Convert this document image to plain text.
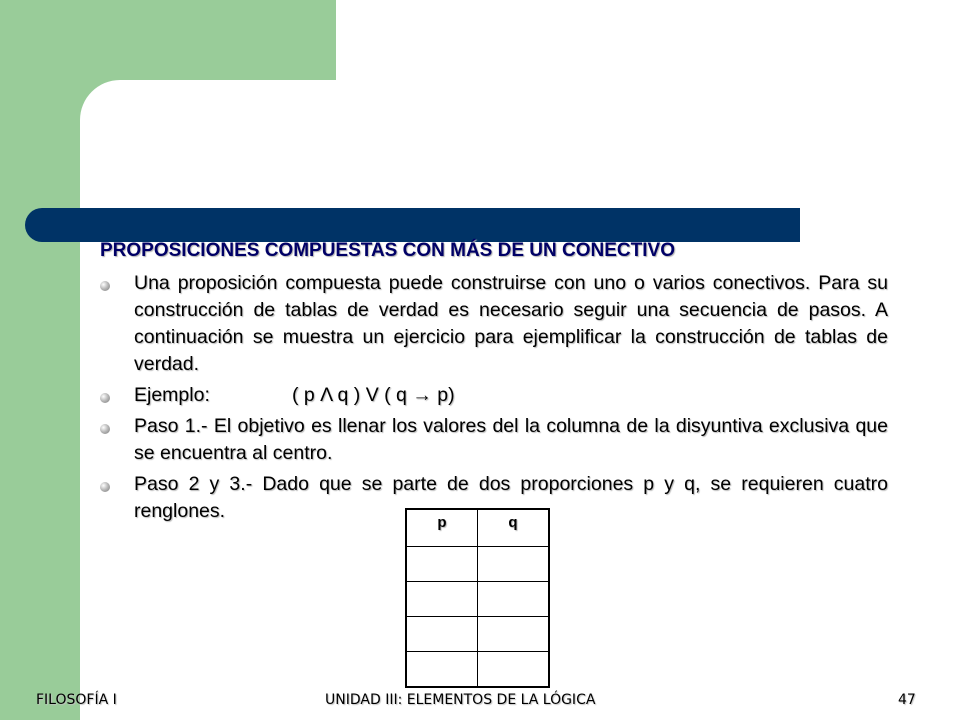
PROPOSICIONES COMPUESTAS CON MÁS DE UN CONECTIVO
Una proposición compuesta puede construirse con uno o varios conectivos. Para su construcción de tablas de verdad es necesario seguir una secuencia de pasos. A continuación se muestra un ejercicio para ejemplificar la construcción de tablas de verdad.
Ejemplo:	( p Λ q ) V ( q → p)
Paso 1.- El objetivo es llenar los valores del la columna de la disyuntiva exclusiva que se encuentra al centro.
Paso 2 y 3.- Dado que se parte de dos proporciones p y q, se requieren cuatro renglones.
p	q

FILOSOFÍA I	UNIDAD III: ELEMENTOS DE LA LÓGICA	47
